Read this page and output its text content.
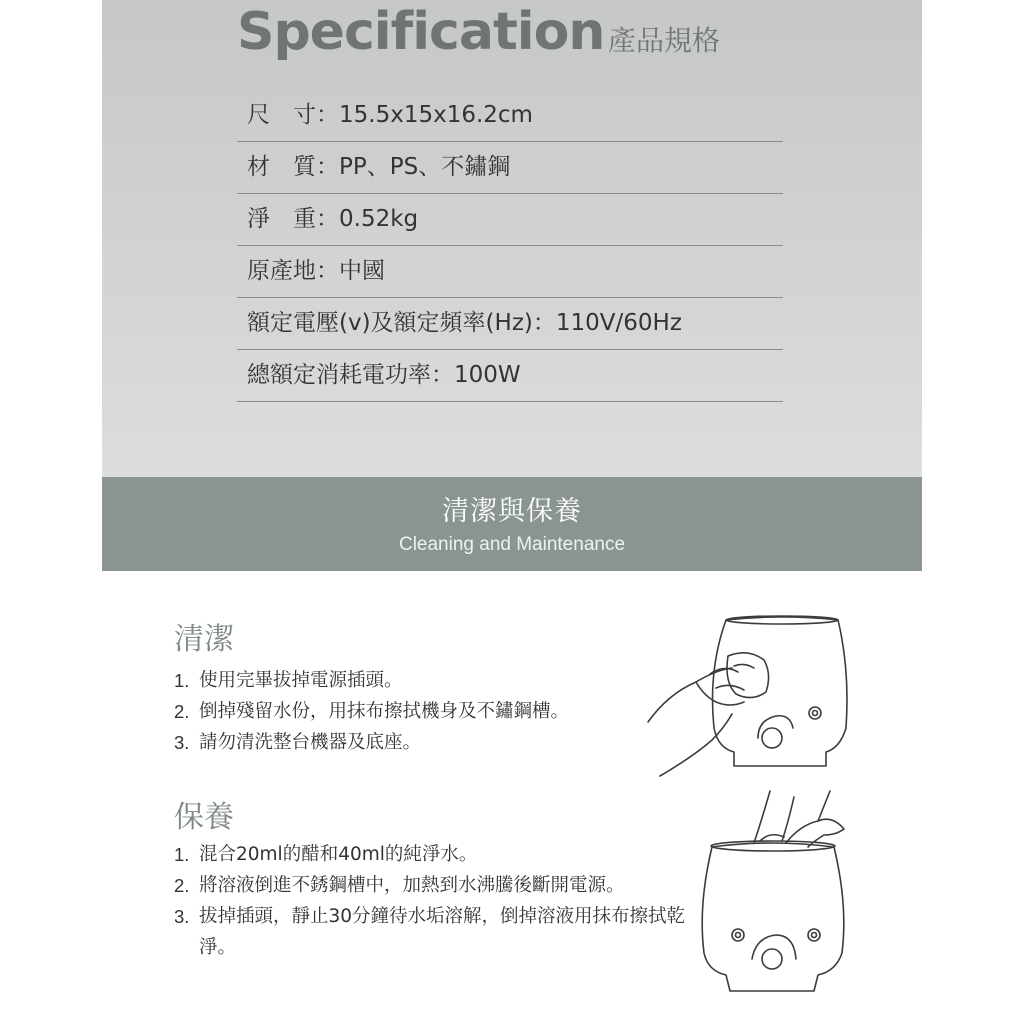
Specification 產品規格
尺　寸：15.5x15x16.2cm
材　質：PP、PS、不鏽鋼
淨　重：0.52kg
原產地：中國
額定電壓(v)及額定頻率(Hz)：110V/60Hz
總額定消耗電功率：100W
清潔與保養
Cleaning and Maintenance
清潔
1. 使用完畢拔掉電源插頭。
2. 倒掉殘留水份，用抹布擦拭機身及不鏽鋼槽。
3. 請勿清洗整台機器及底座。
保養
1. 混合20ml的醋和40ml的純淨水。
2. 將溶液倒進不銹鋼槽中，加熱到水沸騰後斷開電源。
3. 拔掉插頭，靜止30分鐘待水垢溶解，倒掉溶液用抹布擦拭乾淨。
